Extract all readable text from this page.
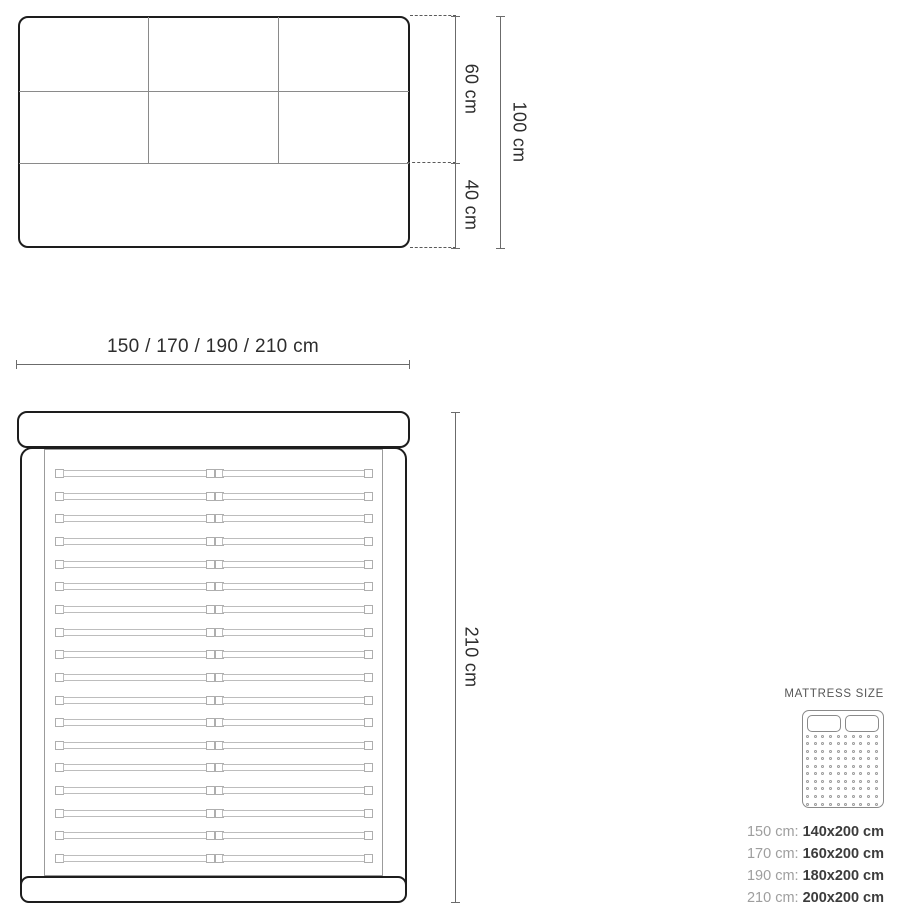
60 cm
40 cm
100 cm
150 / 170 / 190 / 210 cm
210 cm
MATTRESS SIZE
150 cm: 140x200 cm
170 cm: 160x200 cm
190 cm: 180x200 cm
210 cm: 200x200 cm
